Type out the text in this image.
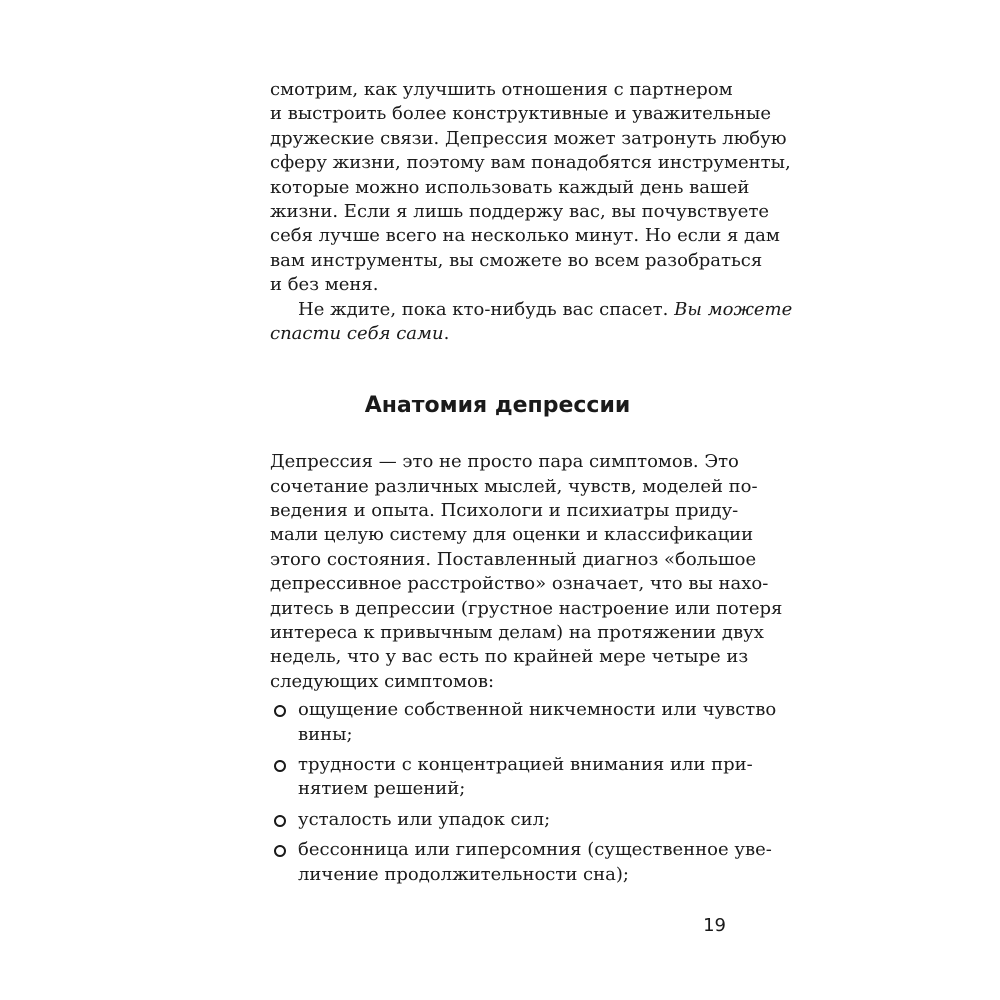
смотрим, как улучшить отношения с партнером
и выстроить более конструктивные и уважительные
дружеские связи. Депрессия может затронуть любую
сферу жизни, поэтому вам понадобятся инструменты,
которые можно использовать каждый день вашей
жизни. Если я лишь поддержу вас, вы почувствуете
себя лучше всего на несколько минут. Но если я дам
вам инструменты, вы сможете во всем разобраться
и без меня.
Не ждите, пока кто-нибудь вас спасет. Вы можете
спасти себя сами.
Анатомия депрессии
Депрессия — это не просто пара симптомов. Это
сочетание различных мыслей, чувств, моделей по-
ведения и опыта. Психологи и психиатры приду-
мали целую систему для оценки и классификации
этого состояния. Поставленный диагноз «большое
депрессивное расстройство» означает, что вы нахо-
дитесь в депрессии (грустное настроение или потеря
интереса к привычным делам) на протяжении двух
недель, что у вас есть по крайней мере четыре из
следующих симптомов:
ощущение собственной никчемности или чувство
вины;
трудности с концентрацией внимания или при-
нятием решений;
усталость или упадок сил;
бессонница или гиперсомния (существенное уве-
личение продолжительности сна);
19
